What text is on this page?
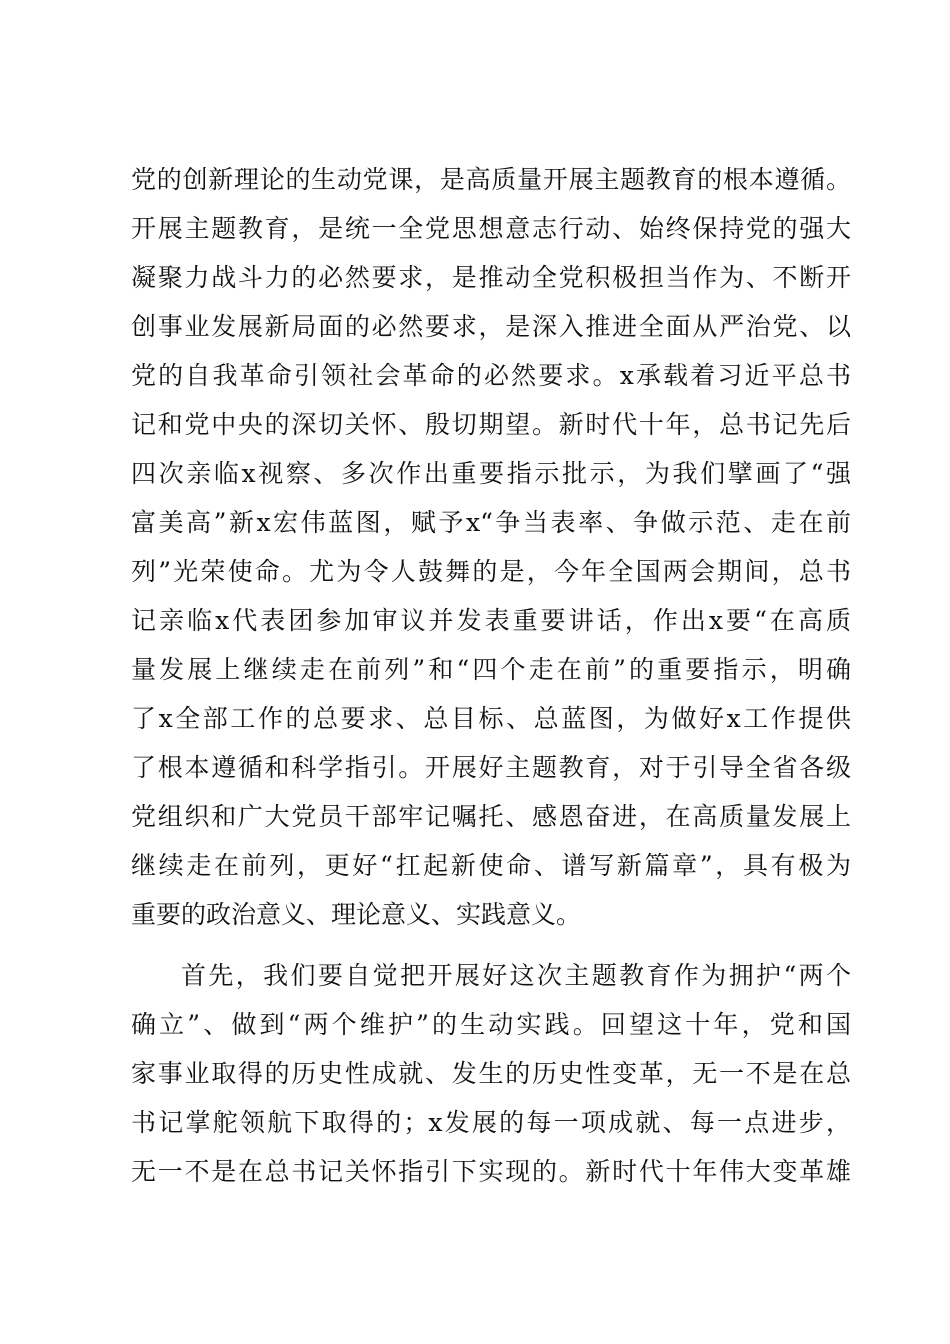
党的创新理论的生动党课，是高质量开展主题教育的根本遵循。
开展主题教育，是统一全党思想意志行动、始终保持党的强大
凝聚力战斗力的必然要求，是推动全党积极担当作为、不断开
创事业发展新局面的必然要求，是深入推进全面从严治党、以
党的自我革命引领社会革命的必然要求。x承载着习近平总书
记和党中央的深切关怀、殷切期望。新时代十年，总书记先后
四次亲临x视察、多次作出重要指示批示，为我们擘画了“强
富美高”新x宏伟蓝图，赋予x“争当表率、争做示范、走在前
列”光荣使命。尤为令人鼓舞的是，今年全国两会期间，总书
记亲临x代表团参加审议并发表重要讲话，作出x要“在高质
量发展上继续走在前列”和“四个走在前”的重要指示，明确
了x全部工作的总要求、总目标、总蓝图，为做好x工作提供
了根本遵循和科学指引。开展好主题教育，对于引导全省各级
党组织和广大党员干部牢记嘱托、感恩奋进，在高质量发展上
继续走在前列，更好“扛起新使命、谱写新篇章”，具有极为
重要的政治意义、理论意义、实践意义。
首先，我们要自觉把开展好这次主题教育作为拥护“两个
确立”、做到“两个维护”的生动实践。回望这十年，党和国
家事业取得的历史性成就、发生的历史性变革，无一不是在总
书记掌舵领航下取得的；x发展的每一项成就、每一点进步，
无一不是在总书记关怀指引下实现的。新时代十年伟大变革雄
